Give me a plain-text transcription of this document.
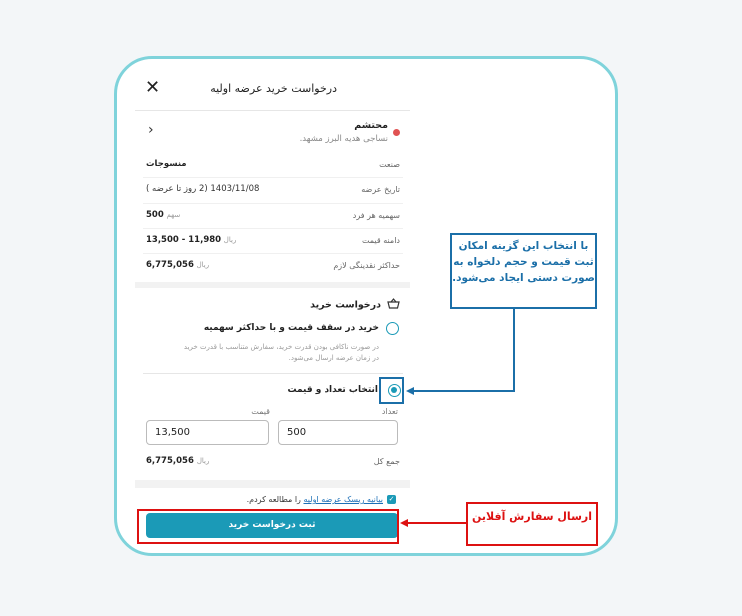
درخواست خرید عرضه اولیه
✕
محتشم
نساجی هدیه البرز مشهد.
‹
صنعت
منسوجات
تاریخ عرضه
1403/11/08 (2 روز تا عرضه )
سهمیه هر فرد
سهم 500
دامنه قیمت
ریال 11,980 - 13,500
حداکثر نقدینگی لازم
ریال 6,775,056
درخواست خرید
خرید در سقف قیمت و با حداکثر سهمیه
در صورت ناکافی بودن قدرت خرید، سفارش متناسب با قدرت خرید در زمان عرضه ارسال می‌شود.
انتخاب تعداد و قیمت
تعداد
قیمت
500
13,500
جمع کل
ریال 6,775,056
✓بیانیه ریسک عرضه اولیه را مطالعه کردم.
ثبت درخواست خرید
با انتخاب این گزینه امکان ثبت قیمت و حجم دلخواه به صورت دستی ایجاد می‌شود.
ارسال سفارش آفلاین
